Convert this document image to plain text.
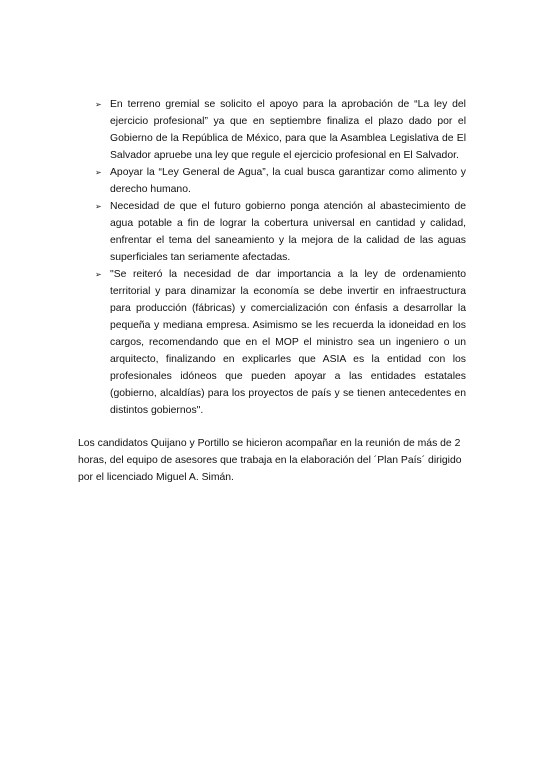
➢ En terreno gremial se solicito el apoyo para la aprobación de “La ley del ejercicio profesional” ya que en septiembre finaliza el plazo dado por el Gobierno de la República de México, para que la Asamblea Legislativa de El Salvador apruebe una ley que regule el ejercicio profesional en El Salvador.
➢ Apoyar la “Ley General de Agua”, la cual busca garantizar como alimento y derecho humano.
➢ Necesidad de que el futuro gobierno ponga atención al abastecimiento de agua potable a fin de lograr la cobertura universal en cantidad y calidad, enfrentar el tema del saneamiento y la mejora de la calidad de las aguas superficiales tan seriamente afectadas.
➢ "Se reiteró la necesidad de dar importancia a la ley de ordenamiento territorial y para dinamizar la economía se debe invertir en infraestructura para producción (fábricas) y comercialización con énfasis a desarrollar la pequeña y mediana empresa. Asimismo se les recuerda la idoneidad en los cargos, recomendando que en el MOP el ministro sea un ingeniero o un arquitecto, finalizando en explicarles que ASIA es la entidad con los profesionales idóneos que pueden apoyar a las entidades estatales (gobierno, alcaldías) para los proyectos de país y se tienen antecedentes en distintos gobiernos".

Los candidatos Quijano y Portillo se hicieron acompañar en la reunión de más de 2 horas, del equipo de asesores que trabaja en la elaboración del ´Plan País´ dirigido por el licenciado Miguel A. Simán.
